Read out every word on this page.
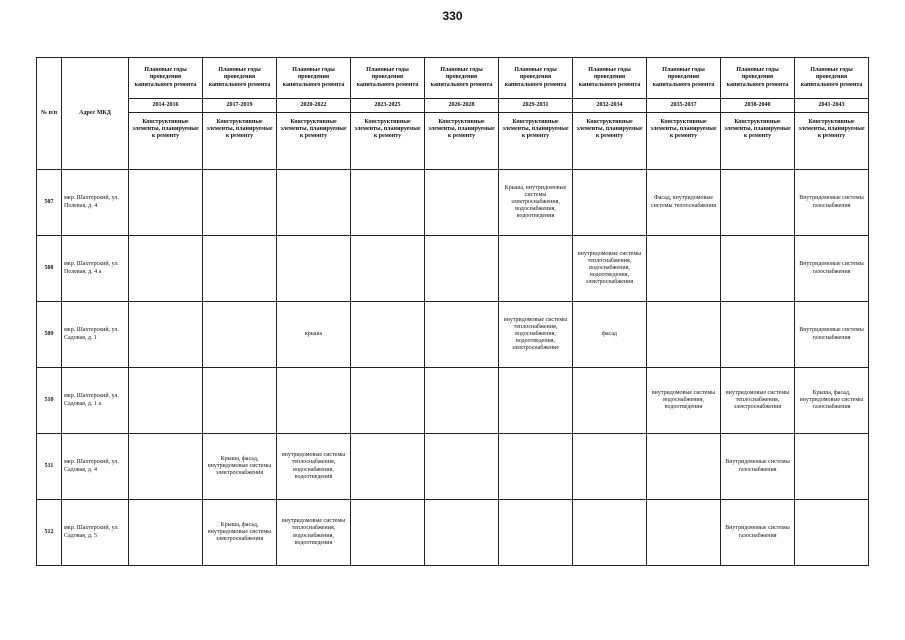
330
№ п/п	Адрес МКД	Плановые годы проведения капитального ремонта	Плановые годы проведения капитального ремонта	Плановые годы проведения капитального ремонта	Плановые годы проведения капитального ремонта	Плановые годы проведения капитального ремонта	Плановые годы проведения капитального ремонта	Плановые годы проведения капитального ремонта	Плановые годы проведения капитального ремонта	Плановые годы проведения капитального ремонта	Плановые годы проведения капитального ремонта
		2014-2016	2017-2019	2020-2022	2023-2025	2026-2028	2029-2031	2032-2034	2035-2037	2038-2040	2041-2043
		Конструктивные элементы, планируемые к ремонту	Конструктивные элементы, планируемые к ремонту	Конструктивные элементы, планируемые к ремонту	Конструктивные элементы, планируемые к ремонту	Конструктивные элементы, планируемые к ремонту	Конструктивные элементы, планируемые к ремонту	Конструктивные элементы, планируемые к ремонту	Конструктивные элементы, планируемые к ремонту	Конструктивные элементы, планируемые к ремонту	Конструктивные элементы, планируемые к ремонту
507	мкр. Шахтерский, ул. Полевая, д. 4						Крыша, внутридомовые системы электроснабжения, водоснабжения, водоотведения		Фасад, внутридомовые системы теплоснабжения		Внутридомовые системы газоснабжения
508	мкр. Шахтерский, ул. Полевая, д. 4 а							внутридомовые системы теплоснабжения, водоснабжения, водоотведения, электроснабжения			Внутридомовые системы газоснабжения
509	мкр. Шахтерский, ул. Садовая, д. 1			крыша			внутридомовые системы теплоснабжения, водоснабжения, водоотведения, электроснабжение	фасад			Внутридомовые системы газоснабжения
510	мкр. Шахтерский, ул. Садовая, д. 1 а								внутридомовые системы водоснабжения, водоотведения	внутридомовые системы теплоснабжения, электроснабжения	Крыша, фасад, внутридомовые системы газоснабжения
511	мкр. Шахтерский, ул. Садовая, д. 4		Крыша, фасад, внутридомовые системы электроснабжения	внутридомовые системы теплоснабжения, водоснабжения, водоотведения						Внутридомовые системы газоснабжения	
512	мкр. Шахтерский, ул. Садовая, д. 5		Крыша, фасад, внутридомовые системы электроснабжения	внутридомовые системы теплоснабжения, водоснабжения, водоотведения						Внутридомовые системы газоснабжения	
